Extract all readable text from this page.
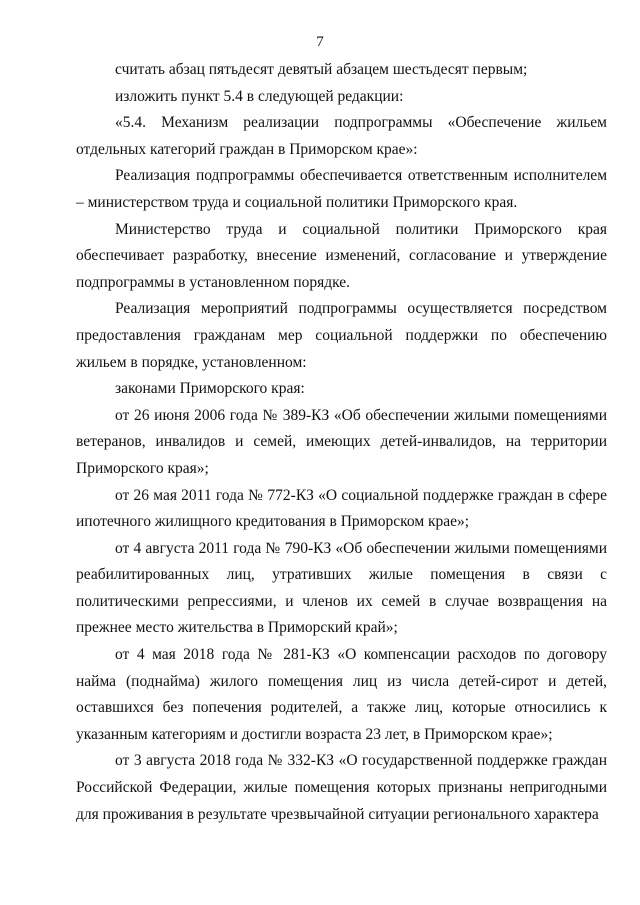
7

считать абзац пятьдесят девятый абзацем шестьдесят первым;

изложить пункт 5.4 в следующей редакции:

«5.4. Механизм реализации подпрограммы «Обеспечение жильем отдельных категорий граждан в Приморском крае»:

Реализация подпрограммы обеспечивается ответственным исполнителем – министерством труда и социальной политики Приморского края.

Министерство труда и социальной политики Приморского края обеспечивает разработку, внесение изменений, согласование и утверждение подпрограммы в установленном порядке.

Реализация мероприятий подпрограммы осуществляется посредством предоставления гражданам мер социальной поддержки по обеспечению жильем в порядке, установленном:

законами Приморского края:

от 26 июня 2006 года № 389-КЗ «Об обеспечении жилыми помещениями ветеранов, инвалидов и семей, имеющих детей-инвалидов, на территории Приморского края»;

от 26 мая 2011 года № 772-КЗ «О социальной поддержке граждан в сфере ипотечного жилищного кредитования в Приморском крае»;

от 4 августа 2011 года № 790-КЗ «Об обеспечении жилыми помещениями реабилитированных лиц, утративших жилые помещения в связи с политическими репрессиями, и членов их семей в случае возвращения на прежнее место жительства в Приморский край»;

от 4 мая 2018 года № 281-КЗ «О компенсации расходов по договору найма (поднайма) жилого помещения лиц из числа детей-сирот и детей, оставшихся без попечения родителей, а также лиц, которые относились к указанным категориям и достигли возраста 23 лет, в Приморском крае»;

от 3 августа 2018 года № 332-КЗ «О государственной поддержке граждан Российской Федерации, жилые помещения которых признаны непригодными для проживания в результате чрезвычайной ситуации регионального характера
